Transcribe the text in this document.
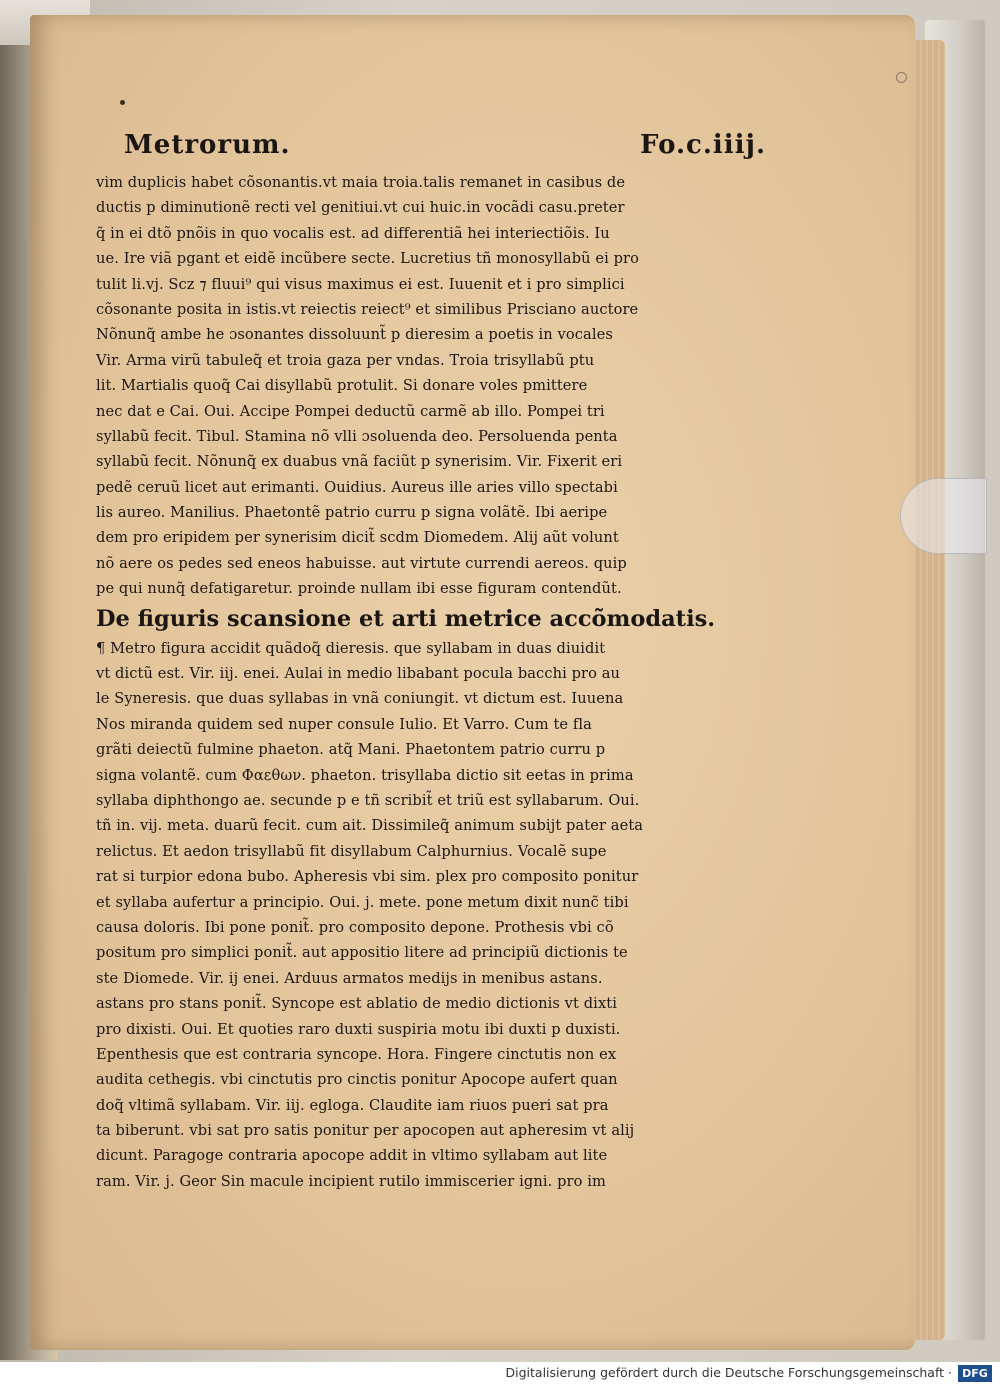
Metrorum.	Fo.c.iiij.
vim duplicis habet cõsonantis.vt maia troia.talis remanet in casibus de
ductis p diminutionẽ recti vel genitiui.vt cui huic.in vocãdi casu.preter
q̃ in ei dtõ pnõis in quo vocalis est. ad differentiã hei interiectiõis. Iu
ue. Ire viã pgant et eidẽ incũbere secte. Lucretius tñ monosyllabũ ei pro
tulit li.vj. Scz ⁊ fluui⁹ qui visus maximus ei est. Iuuenit et i pro simplici
cõsonante posita in istis.vt reiectis reiect⁹ et similibus Prisciano auctore
Nõnunq̃ ambe he ɔsonantes dissoluunt̃ p dieresim a poetis in vocales
Vir. Arma virũ tabuleq̃ et troia gaza per vndas. Troia trisyllabũ ptu
lit. Martialis quoq̃ Cai disyllabũ protulit. Si donare voles pmittere
nec dat e Cai. Oui. Accipe Pompei deductũ carmẽ ab illo. Pompei tri
syllabũ fecit. Tibul. Stamina nõ vlli ɔsoluenda deo. Persoluenda penta
syllabũ fecit. Nõnunq̃ ex duabus vnã faciũt p synerisim. Vir. Fixerit eri
pedẽ ceruũ licet aut erimanti. Ouidius. Aureus ille aries villo spectabi
lis aureo. Manilius. Phaetontẽ patrio curru p signa volãtẽ. Ibi aeripe
dem pro eripidem per synerisim dicit̃ scdm Diomedem. Alij aũt volunt
nõ aere os pedes sed eneos habuisse. aut virtute currendi aereos. quip
pe qui nunq̃ defatigaretur. proinde nullam ibi esse figuram contendũt.
De figuris scansione et arti metrice accõmodatis.
¶ Metro figura accidit quãdoq̃ dieresis. que syllabam in duas diuidit
vt dictũ est. Vir. iij. enei. Aulai in medio libabant pocula bacchi pro au
le Syneresis. que duas syllabas in vnã coniungit. vt dictum est. Iuuena
Nos miranda quidem sed nuper consule Iulio. Et Varro. Cum te fla
grãti deiectũ fulmine phaeton. atq̃ Mani. Phaetontem patrio curru p
signa volantẽ. cum Φαεθων. phaeton. trisyllaba dictio sit eetas in prima
syllaba diphthongo ae. secunde p e tñ scribit̃ et triũ est syllabarum. Oui.
tñ in. vij. meta. duarũ fecit. cum ait. Dissimileq̃ animum subijt pater aeta
relictus. Et aedon trisyllabũ fit disyllabum Calphurnius. Vocalẽ supe
rat si turpior edona bubo. Apheresis vbi sim. plex pro composito ponitur
et syllaba aufertur a principio. Oui. j. mete. pone metum dixit nunc̃ tibi
causa doloris. Ibi pone ponit̃. pro composito depone. Prothesis vbi cõ
positum pro simplici ponit̃. aut appositio litere ad principiũ dictionis te
ste Diomede. Vir. ij enei. Arduus armatos medijs in menibus astans.
astans pro stans ponit̃. Syncope est ablatio de medio dictionis vt dixti
pro dixisti. Oui. Et quoties raro duxti suspiria motu ibi duxti p duxisti.
Epenthesis que est contraria syncope. Hora. Fingere cinctutis non ex
audita cethegis. vbi cinctutis pro cinctis ponitur Apocope aufert quan
doq̃ vltimã syllabam. Vir. iij. egloga. Claudite iam riuos pueri sat pra
ta biberunt. vbi sat pro satis ponitur per apocopen aut apheresim vt alij
dicunt. Paragoge contraria apocope addit in vltimo syllabam aut lite
ram. Vir. j. Geor Sin macule incipient rutilo immiscerier igni. pro im
Digitalisierung gefördert durch die Deutsche Forschungsgemeinschaft · DFG
